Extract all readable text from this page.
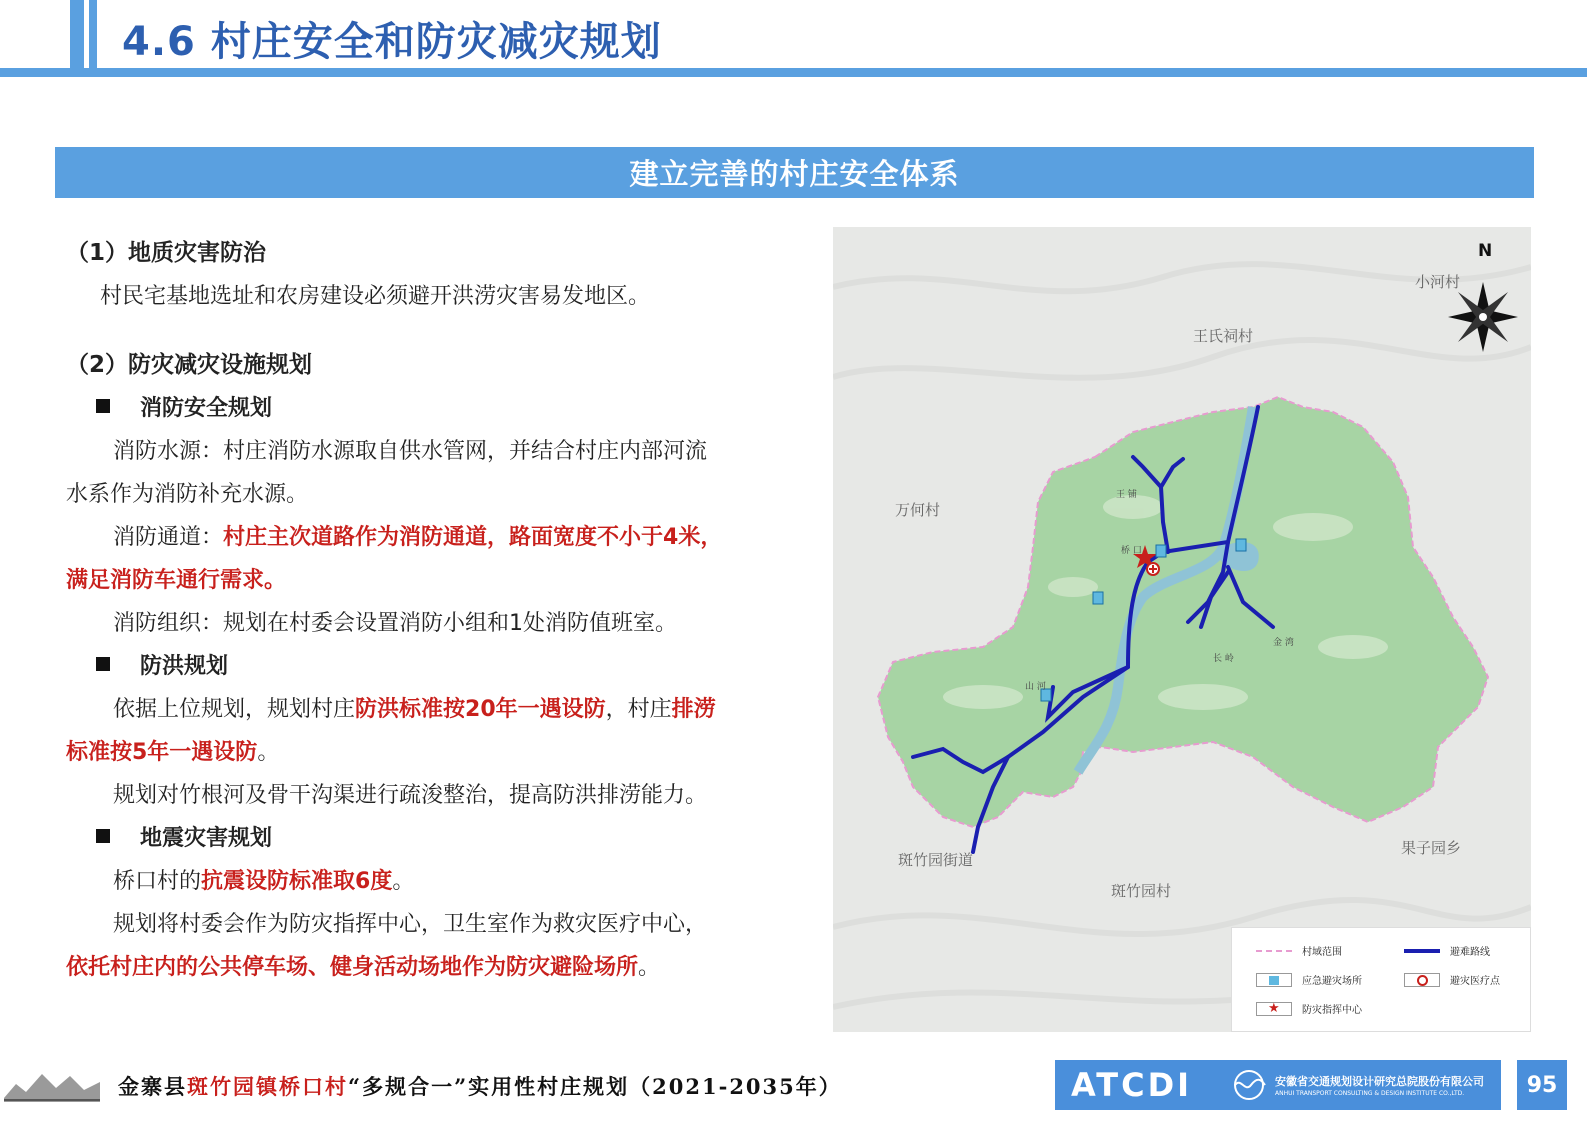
4.6 村庄安全和防灾减灾规划
建立完善的村庄安全体系

（1）地质灾害防治

村民宅基地选址和农房建设必须避开洪涝灾害易发地区。

（2）防灾减灾设施规划

消防安全规划

消防水源：村庄消防水源取自供水管网，并结合村庄内部河流

水系作为消防补充水源。

消防通道：村庄主次道路作为消防通道，路面宽度不小于4米，

满足消防车通行需求。

消防组织：规划在村委会设置消防小组和1处消防值班室。

防洪规划

依据上位规划，规划村庄防洪标准按20年一遇设防，村庄排涝

标准按5年一遇设防。

规划对竹根河及骨干沟渠进行疏浚整治，提高防洪排涝能力。

地震灾害规划

桥口村的抗震设防标准取6度。

规划将村委会作为防灾指挥中心，卫生室作为救灾医疗中心，

依托村庄内的公共停车场、健身活动场地作为防灾避险场所。

N
小河村
王氏祠村
万何村
斑竹园街道
斑竹园村
果子园乡
王 铺
桥 口
山 河
长 岭
金 湾
村域范围	避难路线
应急避灾场所	避灾医疗点
★ 防灾指挥中心
金寨县斑竹园镇桥口村“多规合一”实用性村庄规划（2021-2035年）	ATCDI	安徽省交通规划设计研究总院股份有限公司
ANHUI TRANSPORT CONSULTING & DESIGN INSTITUTE CO.,LTD.	95
